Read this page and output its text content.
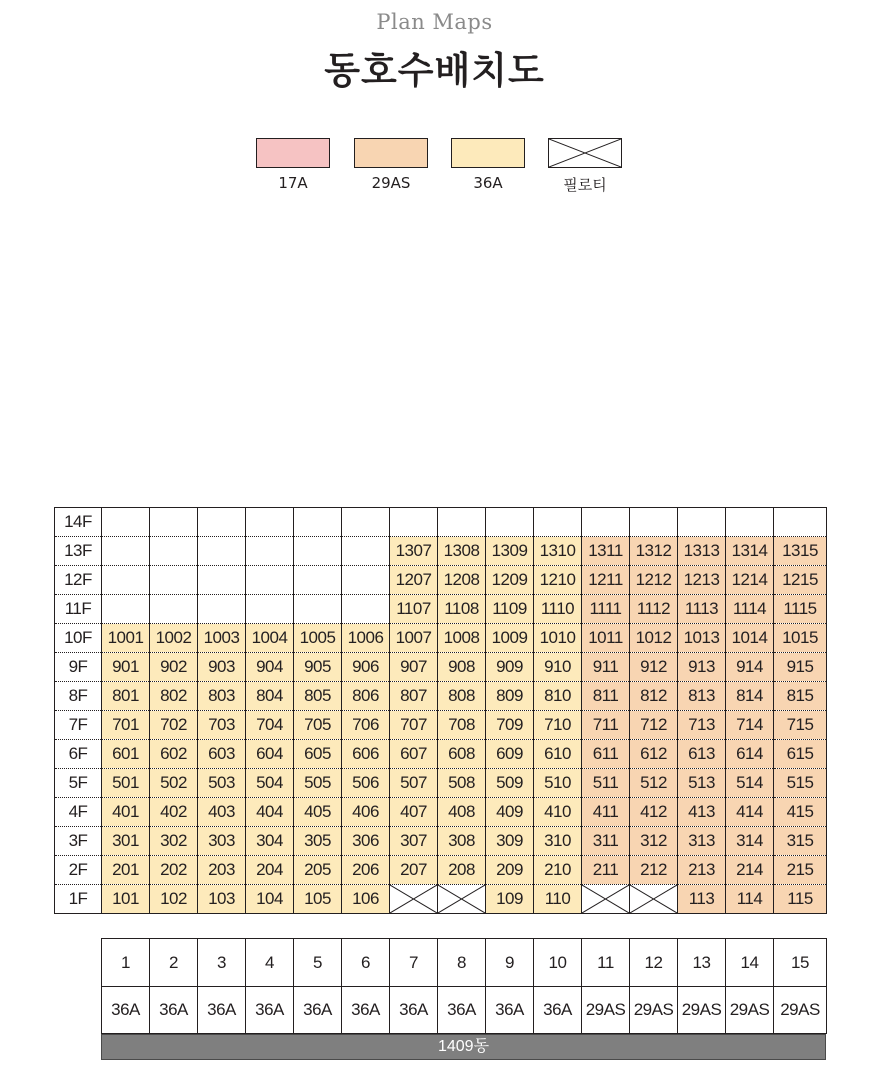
Plan Maps
동호수배치도
17A	29AS	36A	필로티
14F															
13F							1307	1308	1309	1310	1311	1312	1313	1314	1315
12F							1207	1208	1209	1210	1211	1212	1213	1214	1215
11F							1107	1108	1109	1110	1111	1112	1113	1114	1115
10F	1001	1002	1003	1004	1005	1006	1007	1008	1009	1010	1011	1012	1013	1014	1015
9F	901	902	903	904	905	906	907	908	909	910	911	912	913	914	915
8F	801	802	803	804	805	806	807	808	809	810	811	812	813	814	815
7F	701	702	703	704	705	706	707	708	709	710	711	712	713	714	715
6F	601	602	603	604	605	606	607	608	609	610	611	612	613	614	615
5F	501	502	503	504	505	506	507	508	509	510	511	512	513	514	515
4F	401	402	403	404	405	406	407	408	409	410	411	412	413	414	415
3F	301	302	303	304	305	306	307	308	309	310	311	312	313	314	315
2F	201	202	203	204	205	206	207	208	209	210	211	212	213	214	215
1F	101	102	103	104	105	106			109	110			113	114	115
1	2	3	4	5	6	7	8	9	10	11	12	13	14	15
36A	36A	36A	36A	36A	36A	36A	36A	36A	36A	29AS	29AS	29AS	29AS	29AS
1409동
